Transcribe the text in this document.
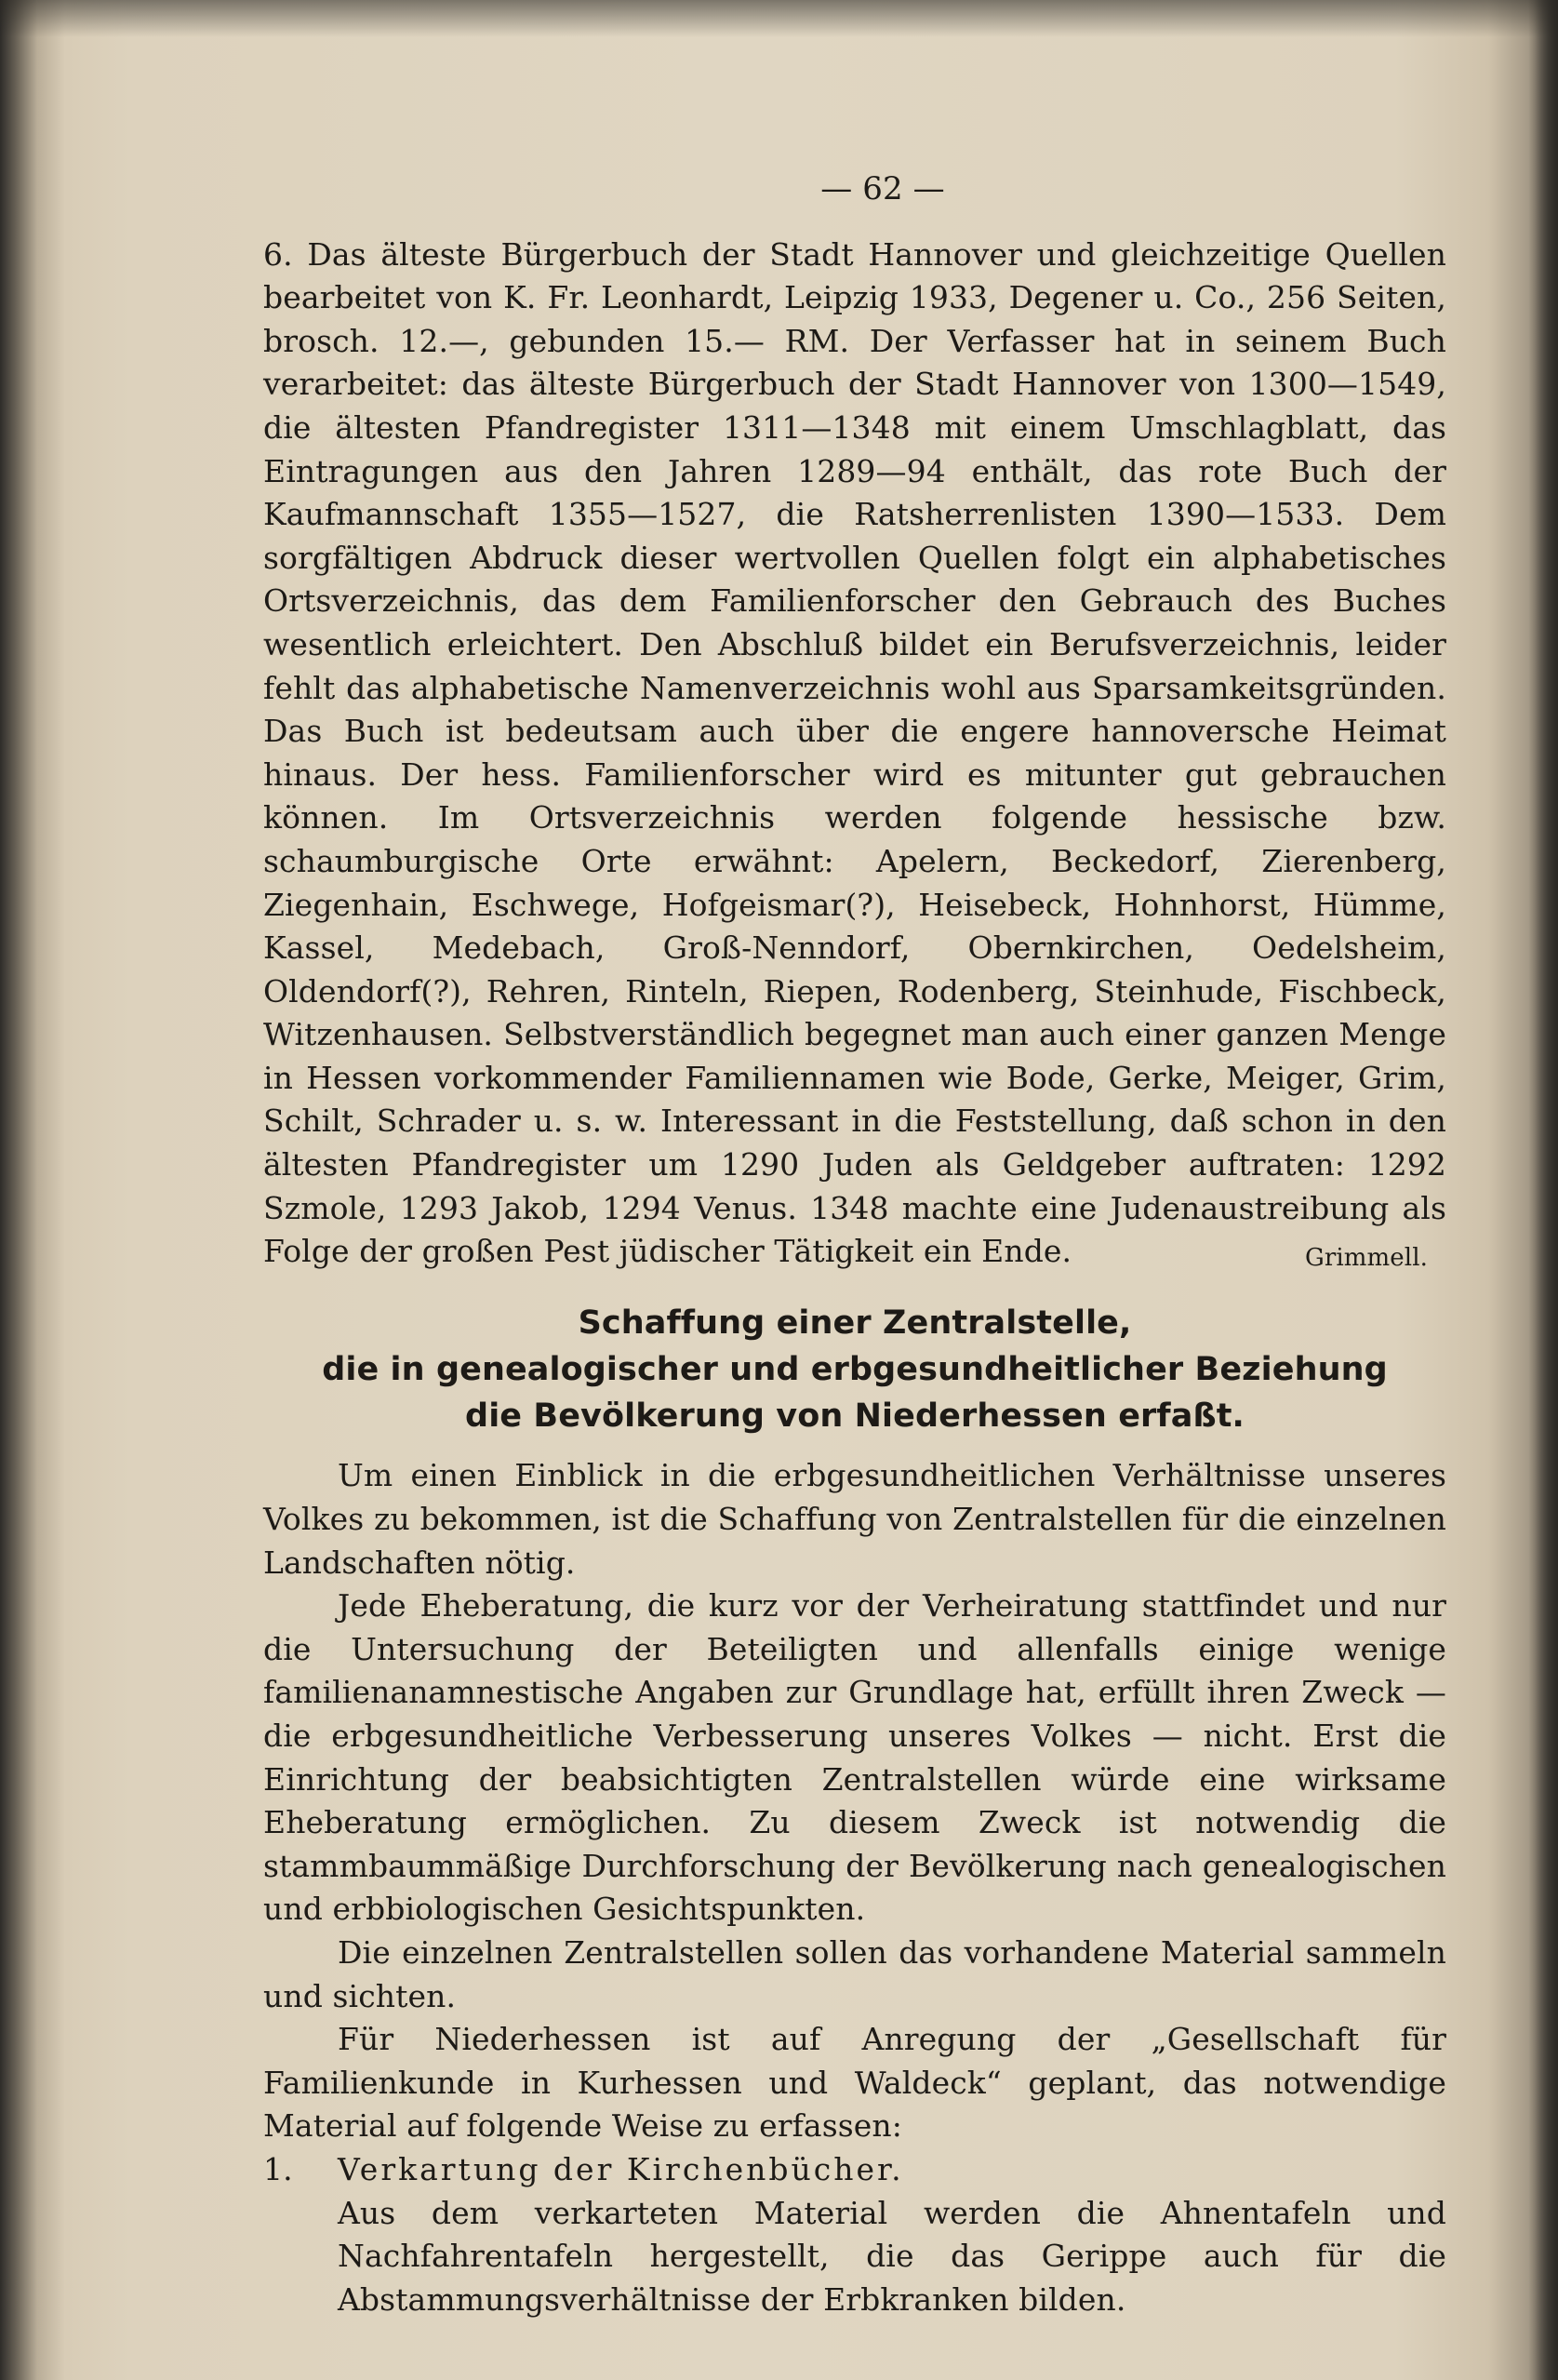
— 62 —

6. Das älteste Bürgerbuch der Stadt Hannover und gleichzeitige Quellen bearbeitet von K. Fr. Leonhardt, Leipzig 1933, Degener u. Co., 256 Seiten, brosch. 12.—, gebunden 15.— RM. Der Verfasser hat in seinem Buch verarbeitet: das älteste Bürgerbuch der Stadt Hannover von 1300—1549, die ältesten Pfandregister 1311—1348 mit einem Umschlagblatt, das Eintragungen aus den Jahren 1289—94 enthält, das rote Buch der Kaufmannschaft 1355—1527, die Ratsherrenlisten 1390—1533. Dem sorgfältigen Abdruck dieser wertvollen Quellen folgt ein alphabetisches Ortsverzeichnis, das dem Familienforscher den Gebrauch des Buches wesentlich erleichtert. Den Abschluß bildet ein Berufsverzeichnis, leider fehlt das alphabetische Namenverzeichnis wohl aus Sparsamkeitsgründen. Das Buch ist bedeutsam auch über die engere hannoversche Heimat hinaus. Der hess. Familienforscher wird es mitunter gut gebrauchen können. Im Ortsverzeichnis werden folgende hessische bzw. schaumburgische Orte erwähnt: Apelern, Beckedorf, Zierenberg, Ziegenhain, Eschwege, Hofgeismar(?), Heisebeck, Hohnhorst, Hümme, Kassel, Medebach, Groß-Nenndorf, Obernkirchen, Oedelsheim, Oldendorf(?), Rehren, Rinteln, Riepen, Rodenberg, Steinhude, Fischbeck, Witzenhausen. Selbstverständlich begegnet man auch einer ganzen Menge in Hessen vorkommender Familiennamen wie Bode, Gerke, Meiger, Grim, Schilt, Schrader u. s. w. Interessant in die Feststellung, daß schon in den ältesten Pfandregister um 1290 Juden als Geldgeber auftraten: 1292 Szmole, 1293 Jakob, 1294 Venus. 1348 machte eine Judenaustreibung als Folge der großen Pest jüdischer Tätigkeit ein Ende.	Grimmell.
Schaffung einer Zentralstelle,
die in genealogischer und erbgesundheitlicher Beziehung
die Bevölkerung von Niederhessen erfaßt.

Um einen Einblick in die erbgesundheitlichen Verhältnisse unseres Volkes zu bekommen, ist die Schaffung von Zentralstellen für die einzelnen Landschaften nötig.

Jede Eheberatung, die kurz vor der Verheiratung stattfindet und nur die Untersuchung der Beteiligten und allenfalls einige wenige familienanamnestische Angaben zur Grundlage hat, erfüllt ihren Zweck — die erbgesundheitliche Verbesserung unseres Volkes — nicht. Erst die Einrichtung der beabsichtigten Zentralstellen würde eine wirksame Eheberatung ermöglichen. Zu diesem Zweck ist notwendig die stammbaummäßige Durchforschung der Bevölkerung nach genealogischen und erbbiologischen Gesichtspunkten.

Die einzelnen Zentralstellen sollen das vorhandene Material sammeln und sichten.

Für Niederhessen ist auf Anregung der „Gesellschaft für Familienkunde in Kurhessen und Waldeck“ geplant, das notwendige Material auf folgende Weise zu erfassen:

1.	Verkartung der Kirchenbücher.

Aus dem verkarteten Material werden die Ahnentafeln und Nachfahrentafeln hergestellt, die das Gerippe auch für die Abstammungsverhältnisse der Erbkranken bilden.
